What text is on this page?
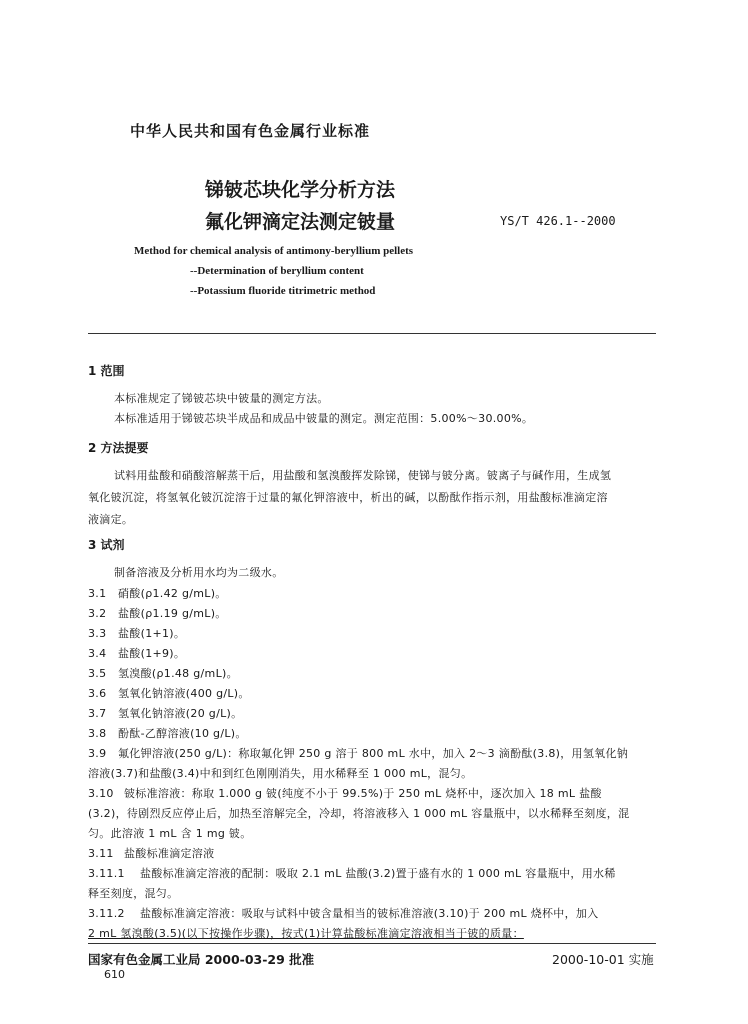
中华人民共和国有色金属行业标准
锑铍芯块化学分析方法
氟化钾滴定法测定铍量	YS/T 426.1--2000
Method for chemical analysis of antimony-beryllium pellets
--Determination of beryllium content
--Potassium fluoride titrimetric method
1 范围
本标准规定了锑铍芯块中铍量的测定方法。
本标准适用于锑铍芯块半成品和成品中铍量的测定。测定范围：5.00%～30.00%。
2 方法提要
试料用盐酸和硝酸溶解蒸干后，用盐酸和氢溴酸挥发除锑，使锑与铍分离。铍离子与碱作用，生成氢
氧化铍沉淀，将氢氧化铍沉淀溶于过量的氟化钾溶液中，析出的碱，以酚酞作指示剂，用盐酸标准滴定溶
液滴定。
3 试剂
制备溶液及分析用水均为二级水。
3.1 硝酸(ρ1.42 g/mL)。
3.2 盐酸(ρ1.19 g/mL)。
3.3 盐酸(1+1)。
3.4 盐酸(1+9)。
3.5 氢溴酸(ρ1.48 g/mL)。
3.6 氢氧化钠溶液(400 g/L)。
3.7 氢氧化钠溶液(20 g/L)。
3.8 酚酞-乙醇溶液(10 g/L)。
3.9 氟化钾溶液(250 g/L)：称取氟化钾 250 g 溶于 800 mL 水中，加入 2～3 滴酚酞(3.8)，用氢氧化钠
溶液(3.7)和盐酸(3.4)中和到红色刚刚消失，用水稀释至 1 000 mL，混匀。
3.10 铍标准溶液：称取 1.000 g 铍(纯度不小于 99.5%)于 250 mL 烧杯中，逐次加入 18 mL 盐酸
(3.2)，待剧烈反应停止后，加热至溶解完全，冷却，将溶液移入 1 000 mL 容量瓶中，以水稀释至刻度，混
匀。此溶液 1 mL 含 1 mg 铍。
3.11 盐酸标准滴定溶液
3.11.1 盐酸标准滴定溶液的配制：吸取 2.1 mL 盐酸(3.2)置于盛有水的 1 000 mL 容量瓶中，用水稀
释至刻度，混匀。
3.11.2 盐酸标准滴定溶液：吸取与试料中铍含量相当的铍标准溶液(3.10)于 200 mL 烧杯中，加入
2 mL 氢溴酸(3.5)(以下按操作步骤)，按式(1)计算盐酸标准滴定溶液相当于铍的质量：
国家有色金属工业局 2000-03-29 批准	2000-10-01 实施
610
